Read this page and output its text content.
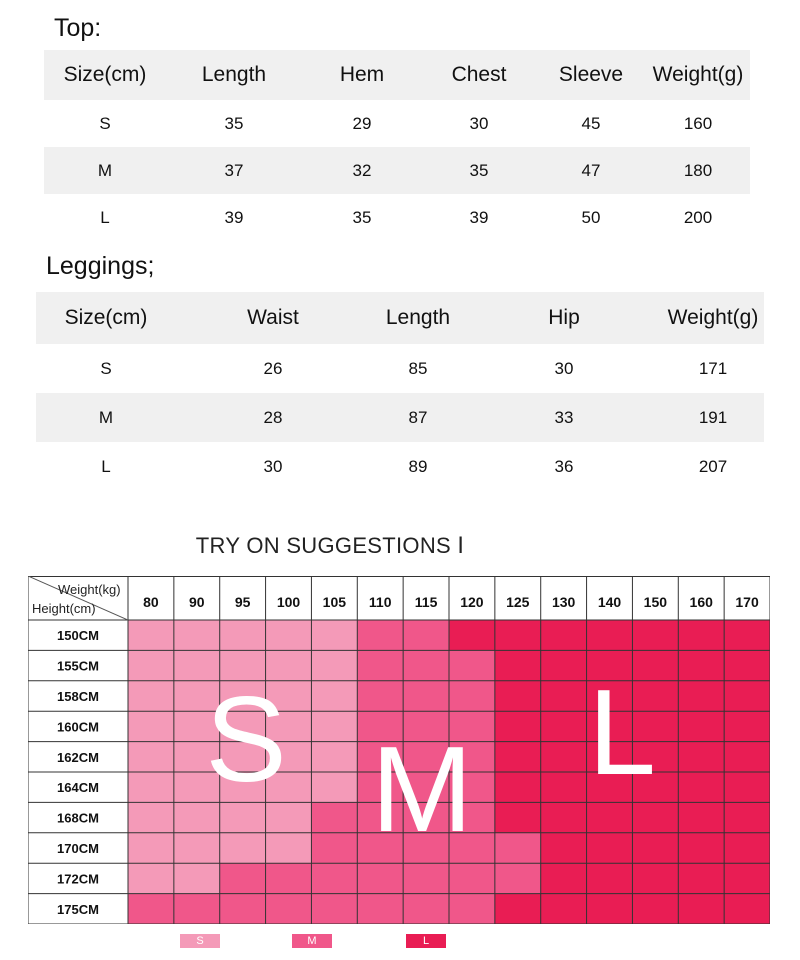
Top:
Size(cm)	Length	Hem	Chest	Sleeve	Weight(g)
S	35	29	30	45	160
M	37	32	35	47	180
L	39	35	39	50	200
Leggings;
Size(cm)	Waist	Length	Hip	Weight(g)
S	26	85	30	171
M	28	87	33	191
L	30	89	36	207
TRY ON SUGGESTIONS Ⅰ
80 90 95 100 105 110 115 120 125 130 140 150 160 170
150CM
155CM
158CM
160CM
162CM
164CM
168CM
170CM
172CM
175CM
Weight(kg)
Height(cm)
S M L
S	M	L
